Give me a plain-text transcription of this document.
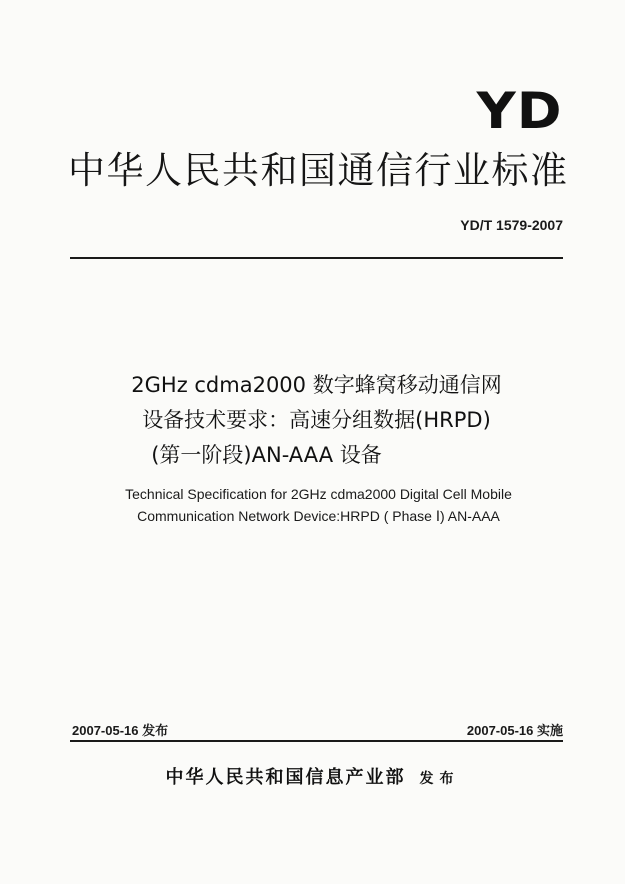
YD
中华人民共和国通信行业标准
YD/T 1579-2007
2GHz cdma2000 数字蜂窝移动通信网
设备技术要求：高速分组数据(HRPD)
(第一阶段)AN-AAA 设备
Technical Specification for 2GHz cdma2000 Digital Cell Mobile
Communication Network Device:HRPD ( Phase Ⅰ) AN-AAA
2007-05-16 发布	2007-05-16 实施
中华人民共和国信息产业部 发布
